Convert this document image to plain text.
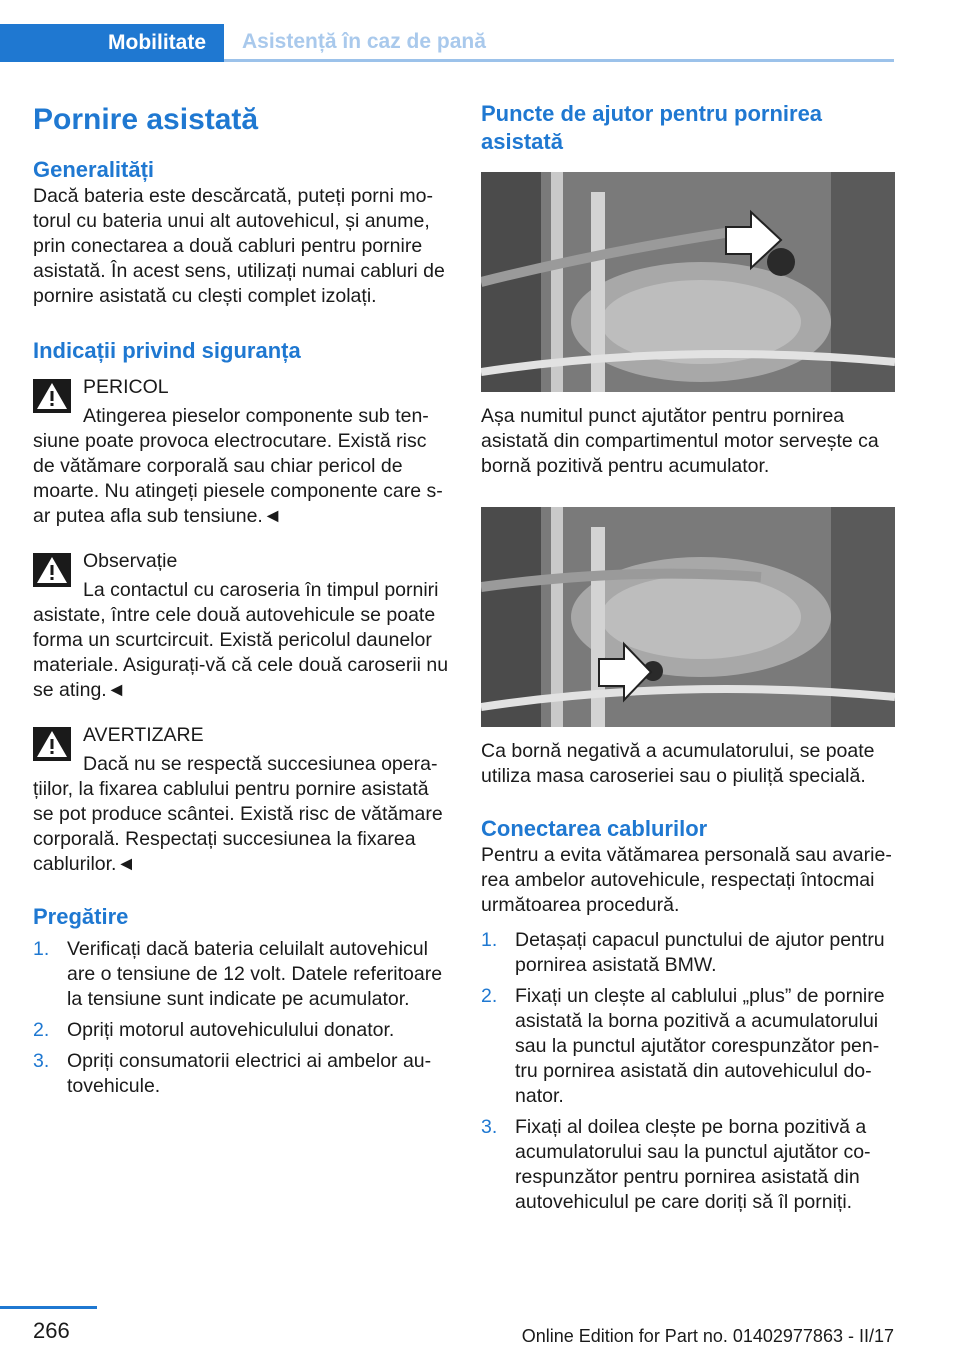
Mobilitate	Asistență în caz de pană
Pornire asistată
Generalități

Dacă bateria este descărcată, puteți porni mo-torul cu bateria unui alt autovehicul, și anume, prin conectarea a două cabluri pentru pornire asistată. În acest sens, utilizați numai cabluri de pornire asistată cu clești complet izolați.

Indicații privind siguranța

PERICOL

Atingerea pieselor componente sub ten-siune poate provoca electrocutare. Există risc de vătămare corporală sau chiar pericol de moarte. Nu atingeți piesele componente care s-ar putea afla sub tensiune.◄

Observație

La contactul cu caroseria în timpul porniri asistate, între cele două autovehicule se poate forma un scurtcircuit. Există pericolul daunelor materiale. Asigurați-vă că cele două caroserii nu se ating.◄

AVERTIZARE

Dacă nu se respectă succesiunea opera-țiilor, la fixarea cablului pentru pornire asistată se pot produce scântei. Există risc de vătămare corporală. Respectați succesiunea la fixarea cablurilor.◄

Pregătire
1. Verificați dacă bateria celuilalt autovehicul are o tensiune de 12 volt. Datele referitoare la tensiune sunt indicate pe acumulator.
2. Opriți motorul autovehiculului donator.
3. Opriți consumatorii electrici ai ambelor au-tovehicule.
Puncte de ajutor pentru pornirea asistată

Așa numitul punct ajutător pentru pornirea asistată din compartimentul motor servește ca bornă pozitivă pentru acumulator.

Ca bornă negativă a acumulatorului, se poate utiliza masa caroseriei sau o piuliță specială.

Conectarea cablurilor

Pentru a evita vătămarea personală sau avarie-rea ambelor autovehicule, respectați întocmai următoarea procedură.

1. Detașați capacul punctului de ajutor pentru pornirea asistată BMW.
2. Fixați un clește al cablului „plus” de pornire asistată la borna pozitivă a acumulatorului sau la punctul ajutător corespunzător pen-tru pornirea asistată din autovehiculul do-nator.
3. Fixați al doilea clește pe borna pozitivă a acumulatorului sau la punctul ajutător co-respunzător pentru pornirea asistată din autovehiculul pe care doriți să îl porniți.
266	Online Edition for Part no. 01402977863 - II/17
